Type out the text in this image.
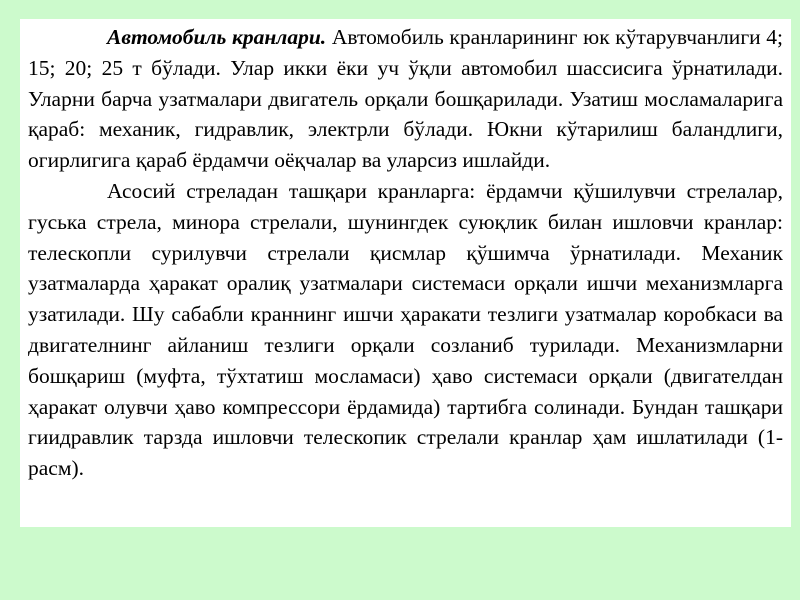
Автомобиль кранлари. Автомобиль кранларининг юк кўтарувчанлиги 4; 15; 20; 25 т бўлади. Улар икки ёки уч ўқли автомобил шассисига ўрнатилади. Уларни барча узатмалари двигатель орқали бошқарилади. Узатиш мосламаларига қараб: механик, гидравлик, электрли бўлади. Юкни кўтарилиш баландлиги, огирлигига қараб ёрдамчи оёқчалар ва уларсиз ишлайди.

Асосий стреладан ташқари кранларга: ёрдамчи қўшилувчи стрелалар, гуська стрела, минора стрелали, шунингдек суюқлик билан ишловчи кранлар: телескопли сурилувчи стрелали қисмлар қўшимча ўрнатилади. Механик узатмаларда ҳаракат оралиқ узатмалари системаси орқали ишчи механизмларга узатилади. Шу сабабли краннинг ишчи ҳаракати тезлиги узатмалар коробкаси ва двигателнинг айланиш тезлиги орқали созланиб турилади. Механизмларни бошқариш (муфта, тўхтатиш мосламаси) ҳаво системаси орқали (двигателдан ҳаракат олувчи ҳаво компрессори ёрдамида) тартибга солинади. Бундан ташқари гиидравлик тарзда ишловчи телескопик стрелали кранлар ҳам ишлатилади (1-расм).
